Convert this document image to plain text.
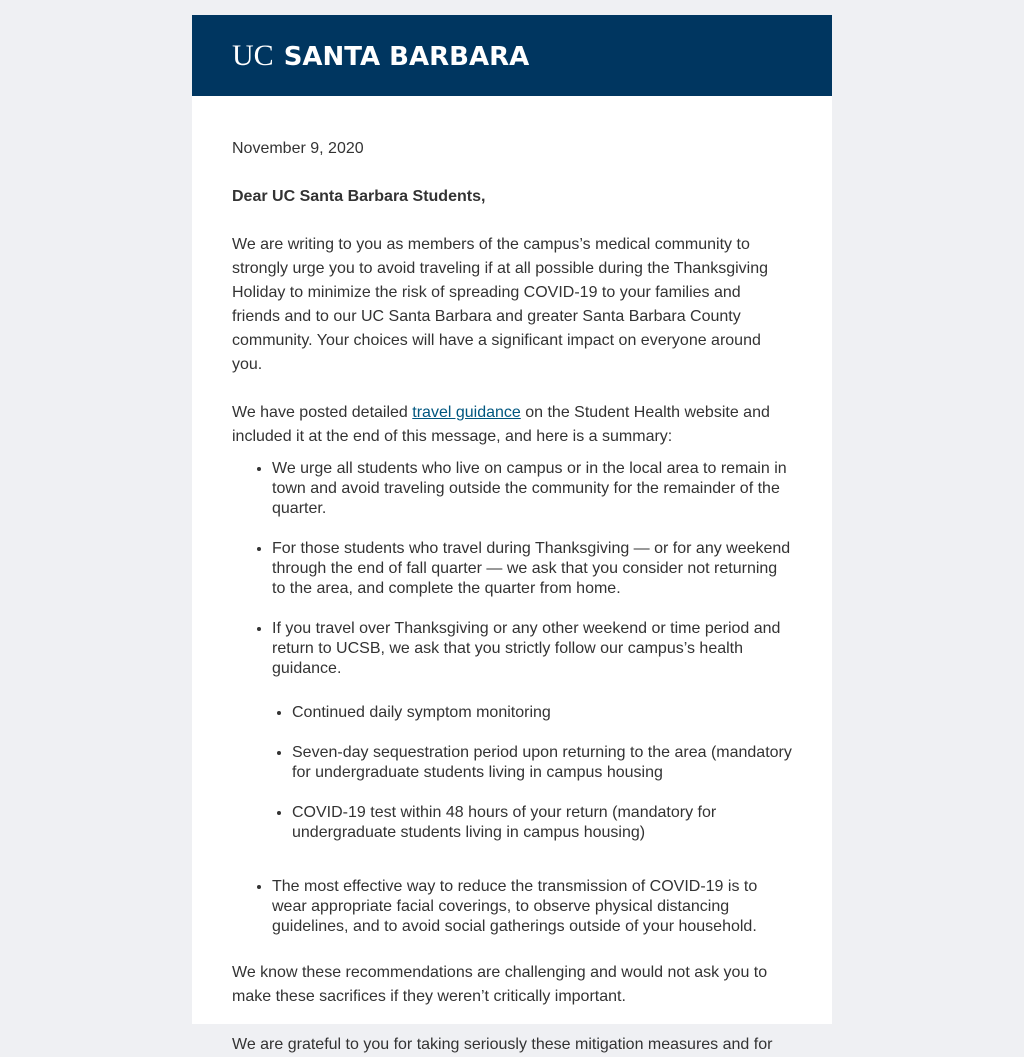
UC SANTA BARBARA

November 9, 2020

Dear UC Santa Barbara Students,

We are writing to you as members of the campus’s medical community to strongly urge you to avoid traveling if at all possible during the Thanksgiving Holiday to minimize the risk of spreading COVID-19 to your families and friends and to our UC Santa Barbara and greater Santa Barbara County community. Your choices will have a significant impact on everyone around you.

We have posted detailed travel guidance on the Student Health website and included it at the end of this message, and here is a summary:

• We urge all students who live on campus or in the local area to remain in town and avoid traveling outside the community for the remainder of the quarter.
• For those students who travel during Thanksgiving — or for any weekend through the end of fall quarter — we ask that you consider not returning to the area, and complete the quarter from home.
• If you travel over Thanksgiving or any other weekend or time period and return to UCSB, we ask that you strictly follow our campus’s health guidance.
• Continued daily symptom monitoring
• Seven-day sequestration period upon returning to the area (mandatory for undergraduate students living in campus housing
• COVID-19 test within 48 hours of your return (mandatory for undergraduate students living in campus housing)
• The most effective way to reduce the transmission of COVID-19 is to wear appropriate facial coverings, to observe physical distancing guidelines, and to avoid social gatherings outside of your household.

We know these recommendations are challenging and would not ask you to make these sacrifices if they weren’t critically important.

We are grateful to you for taking seriously these mitigation measures and for
